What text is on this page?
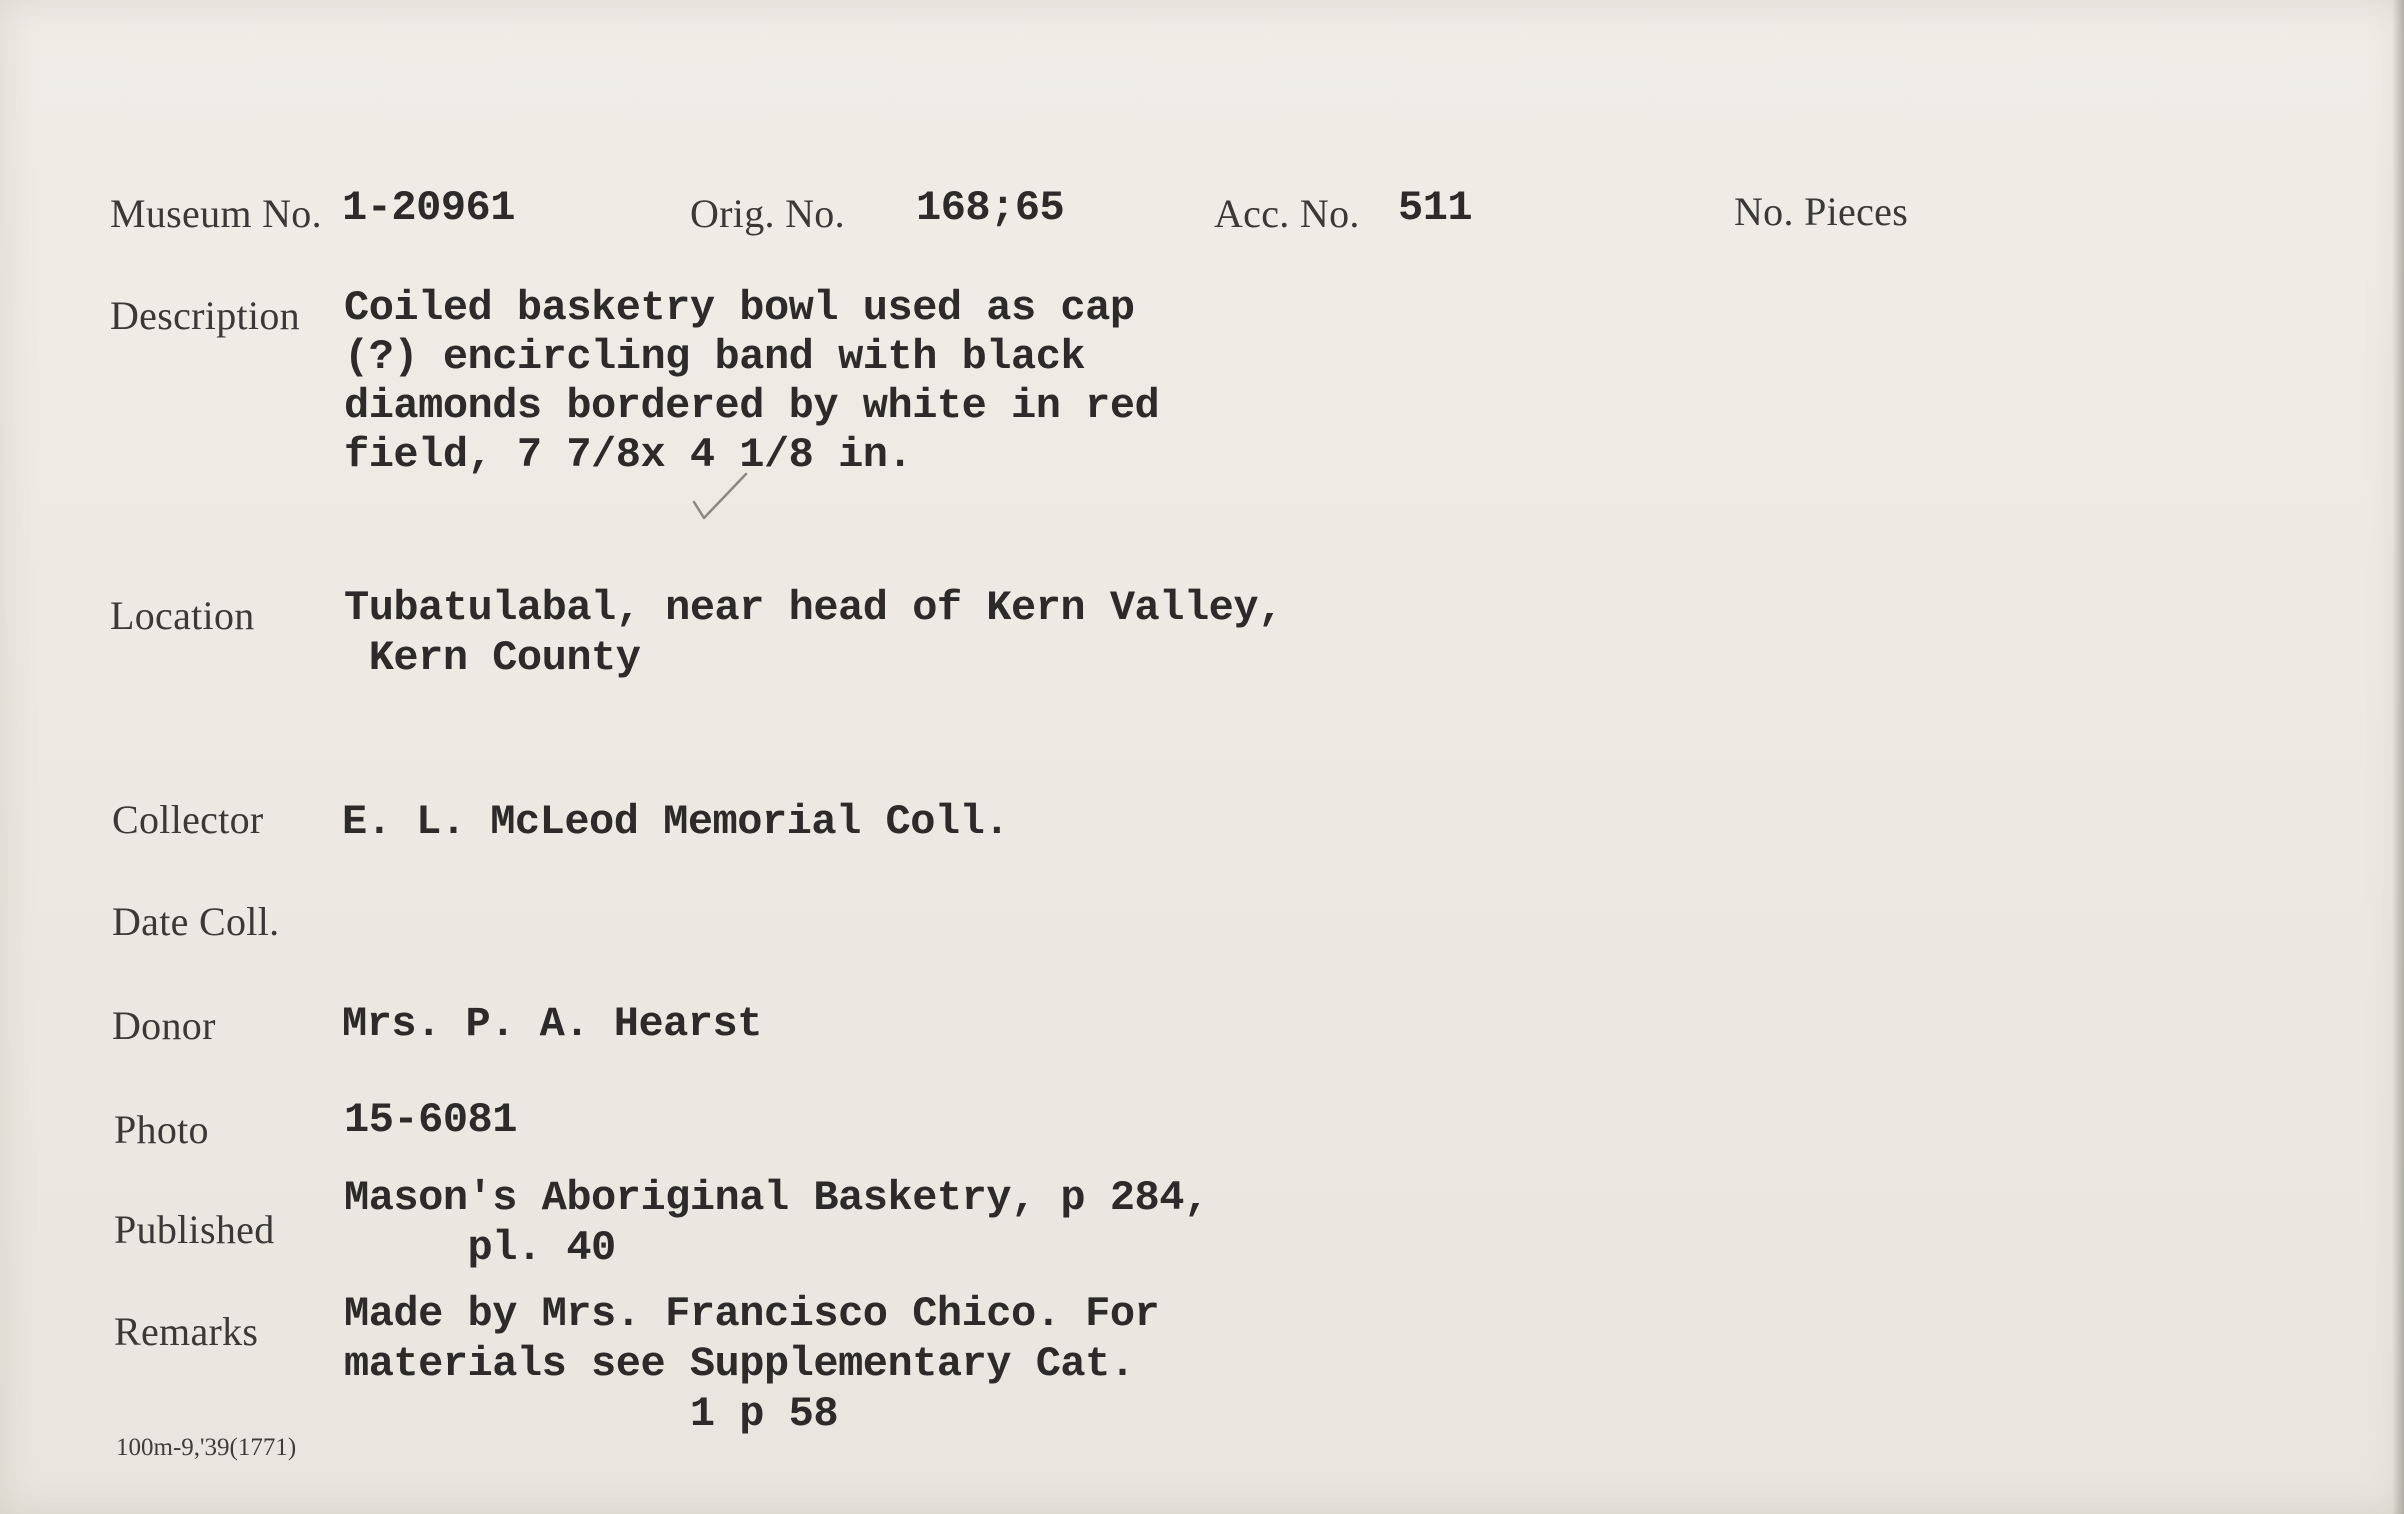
Museum No. 1-20961	Orig. No. 168;65	Acc. No. 511	No. Pieces
Description Coiled basketry bowl used as cap
(?) encircling band with black
diamonds bordered by white in red
field, 7 7/8x 4 1/8 in.
Location Tubatulabal, near head of Kern Valley,
Kern County
Collector E. L. McLeod Memorial Coll.
Date Coll.
Donor	Mrs. P. A. Hearst
Photo	15-6081
Published
Mason's Aboriginal Basketry, p 284,
pl. 40
Remarks Made by Mrs. Francisco Chico. For
materials see Supplementary Cat.
1 p 58
100m-9,'39(1771)
